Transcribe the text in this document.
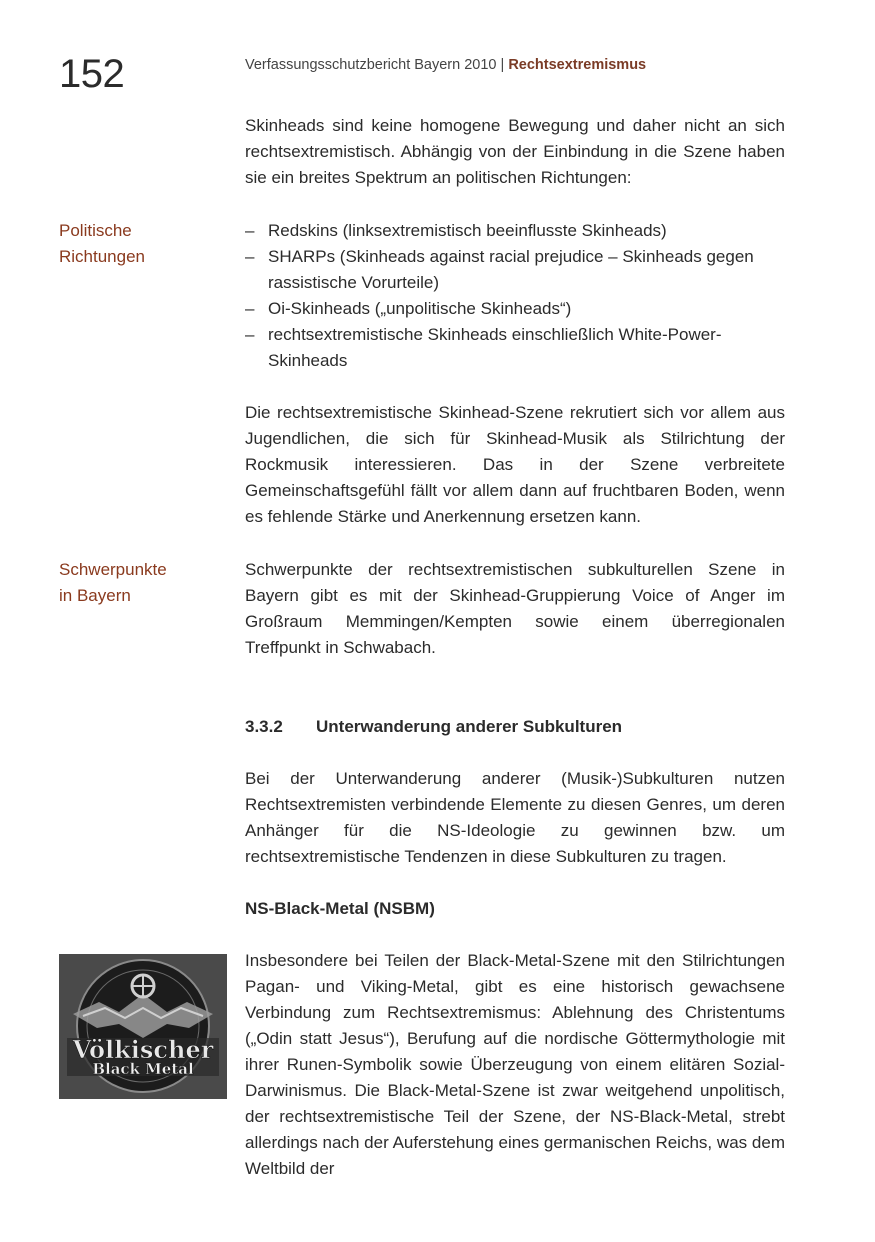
152	Verfassungsschutzbericht Bayern 2010 | Rechtsextremismus
Skinheads sind keine homogene Bewegung und daher nicht an sich rechtsextremistisch. Abhängig von der Einbindung in die Szene haben sie ein breites Spektrum an politischen Richtungen:
Politische
Richtungen
– Redskins (linksextremistisch beeinflusste Skinheads)
– SHARPs (Skinheads against racial prejudice – Skinheads gegen rassistische Vorurteile)
– Oi-Skinheads („unpolitische Skinheads“)
– rechtsextremistische Skinheads einschließlich White-Power-Skinheads
Die rechtsextremistische Skinhead-Szene rekrutiert sich vor allem aus Jugendlichen, die sich für Skinhead-Musik als Stilrichtung der Rockmusik interessieren. Das in der Szene verbreitete Gemeinschaftsgefühl fällt vor allem dann auf fruchtbaren Boden, wenn es fehlende Stärke und Anerkennung ersetzen kann.
Schwerpunkte
in Bayern
Schwerpunkte der rechtsextremistischen subkulturellen Szene in Bayern gibt es mit der Skinhead-Gruppierung Voice of Anger im Großraum Memmingen/Kempten sowie einem überregionalen Treffpunkt in Schwabach.
3.3.2 Unterwanderung anderer Subkulturen
Bei der Unterwanderung anderer (Musik-)Subkulturen nutzen Rechtsextremisten verbindende Elemente zu diesen Genres, um deren Anhänger für die NS-Ideologie zu gewinnen bzw. um rechtsextremistische Tendenzen in diese Subkulturen zu tragen.
NS-Black-Metal (NSBM)
Völkischer
Black Metal
Insbesondere bei Teilen der Black-Metal-Szene mit den Stilrichtungen Pagan- und Viking-Metal, gibt es eine historisch gewachsene Verbindung zum Rechtsextremismus: Ablehnung des Christentums („Odin statt Jesus“), Berufung auf die nordische Göttermythologie mit ihrer Runen-Symbolik sowie Überzeugung von einem elitären Sozial-Darwinismus. Die Black-Metal-Szene ist zwar weitgehend unpolitisch, der rechtsextremistische Teil der Szene, der NS-Black-Metal, strebt allerdings nach der Auferstehung eines germanischen Reichs, was dem Weltbild der
